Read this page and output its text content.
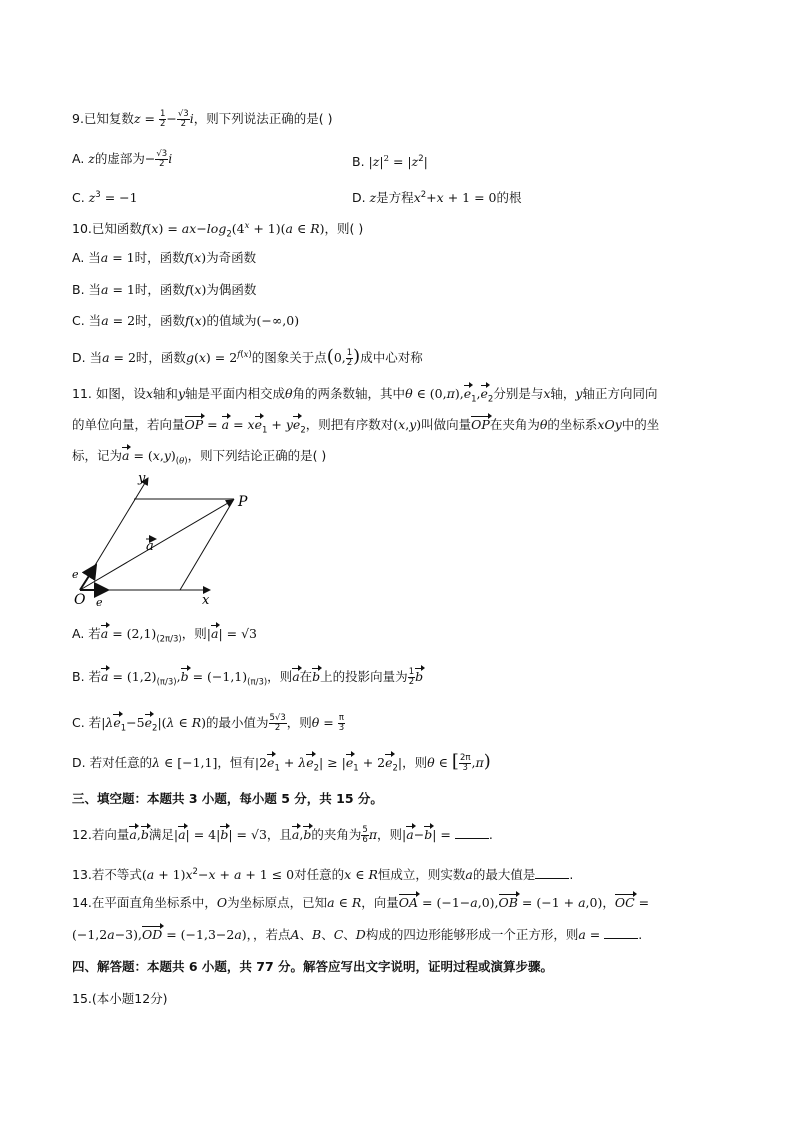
9.已知复数$z = \frac{1}{2} - \frac{√3}{2}$ i，则下列说法正确的是( )
A. z的虚部为− $\frac{√3}{2}$ i	B. $|z|^2 = |z^2|$
C. $z^3 = -1$	D. z是方程$x^2+x + 1 = 0$的根
10.已知函数$f(x) = ax-\log_2(4^x + 1)(a$ ∈ R)，则( )
A. 当a = 1时，函数f(x)为奇函数
B. 当a = 1时，函数f(x)为偶函数
C. 当a = 2时，函数f(x)的值域为(−∞,0)
D. 当a = 2时，函数$g(x) = 2^{f(x)}$的图象关于点(0, $\frac{1}{2}$ )成中心对称
11. 如图，设x轴和y轴是平面内相交成θ角的两条数轴，其中θ ∈ $(0,\pi),e_1,e_2$分别是与x轴，y轴正方向同向
的单位向量，若向量OP = $a = xe_1 + ye_2$，则把有序数对(x,y)叫做向量OP在夹角为θ的坐标系xOy中的坐
标，记为$a = (x,y)_{(\theta)}$，则下列结论正确的是( )
y
P
a
e
e
O	x
A. 若$a = (2,1)_{(2\pi/3)}$，则|a| = √3
B. 若$a = (1,2)_{(\pi/3)},b = (-1,1)_{(\pi/3)}$，则a在b上的投影向量为 $\frac{1}{2}$ b
C. 若$|\lambda e_1-5e_2|(\lambda$ ∈ R)的最小值为 $\frac{5√3}{2}$ ，则$\theta = \frac{\pi}{3}$
D. 若对任意的λ ∈ [−1,1]，恒有$|2e_1 + \lambda e_2| \ge |e_1 + 2e_2|$，则θ ∈ [ $\frac{2\pi}{3} ,\pi$)
三、填空题：本题共 3 小题，每小题 5 分，共 15 分。
12.若向量a,b满足|a| = 4|b| = √3，且a,b的夹角为 $\frac{5}{6}$ π，则|a−b| =	.
13.若不等式$(a + 1)x^2-x + a + 1 \le 0$对任意的x ∈ R恒成立，则实数a的最大值是	.
14.在平面直角坐标系中，O为坐标原点，已知a ∈ R，向量OA = (−1−a,0),OB = (−1 + a,0)，OC =
(−1,2a−3),OD = (−1,3−2a)，，若点A、B、C、D构成的四边形能够形成一个正方形，则a =	.
四、解答题：本题共 6 小题，共 77 分。解答应写出文字说明，证明过程或演算步骤。
15.(本小题12分)
